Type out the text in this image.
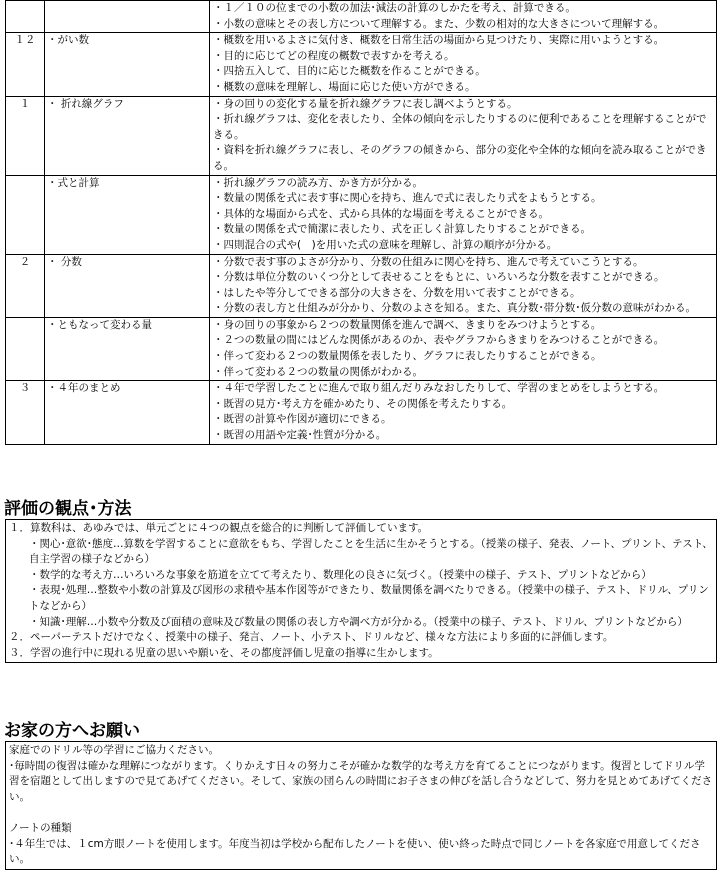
		・１／１０の位までの小数の加法･減法の計算のしかたを考え、計算できる。
・小数の意味とその表し方について理解する。また、少数の相対的な大きさについて理解する。

１２	・がい数	・概数を用いるよさに気付き、概数を日常生活の場面から見つけたり、実際に用いようとする。
・目的に応じてどの程度の概数で表すかを考える。
・四捨五入して、目的に応じた概数を作ることができる。
・概数の意味を理解し、場面に応じた使い方ができる。

１	・ 折れ線グラフ	・身の回りの変化する量を折れ線グラフに表し調べようとする。
・折れ線グラフは、変化を表したり、全体の傾向を示したりするのに便利であることを理解することができる。
・資料を折れ線グラフに表し、そのグラフの傾きから、部分の変化や全体的な傾向を読み取ることができる。

	・式と計算	・折れ線グラフの読み方、かき方が分かる。
・数量の関係を式に表す事に関心を持ち、進んで式に表したり式をよもうとする。
・具体的な場面から式を、式から具体的な場面を考えることができる。
・数量の関係を式で簡潔に表したり、式を正しく計算したりすることができる。
・四則混合の式や(　)を用いた式の意味を理解し、計算の順序が分かる。

２	・ 分数	・分数で表す事のよさが分かり、分数の仕組みに関心を持ち、進んで考えていこうとする。
・分数は単位分数のいくつ分として表せることをもとに、いろいろな分数を表すことができる。
・はしたや等分してできる部分の大きさを、分数を用いて表すことができる。
・分数の表し方と仕組みが分かり、分数のよさを知る。また、真分数･帯分数･仮分数の意味がわかる。

	・ともなって変わる量	・身の回りの事象から２つの数量関係を進んで調べ、きまりをみつけようとする。
・２つの数量の間にはどんな関係があるのか、表やグラフからきまりをみつけることができる。
・伴って変わる２つの数量関係を表したり、グラフに表したりすることができる。
・伴って変わる２つの数量の関係がわかる。

３	・４年のまとめ	・４年で学習したことに進んで取り組んだりみなおしたりして、学習のまとめをしようとする。
・既習の見方･考え方を確かめたり、その関係を考えたりする。
・既習の計算や作図が適切にできる。
・既習の用語や定義･性質が分かる。
評価の観点･方法
１．算数科は、あゆみでは、単元ごとに４つの観点を総合的に判断して評価しています。
・関心･意欲･態度…算数を学習することに意欲をもち、学習したことを生活に生かそうとする。（授業の様子、発表、ノート、プリント、テスト、自主学習の様子などから）
・数学的な考え方…いろいろな事象を筋道を立てて考えたり、数理化の良さに気づく。（授業中の様子、テスト、プリントなどから）
・表現･処理…整数や小数の計算及び図形の求積や基本作図等ができたり、数量関係を調べたりできる。（授業中の様子、テスト、ドリル、プリントなどから）
・知識･理解…小数や分数及び面積の意味及び数量の関係の表し方や調べ方が分かる。（授業中の様子、テスト、ドリル、プリントなどから）
２．ペーパーテストだけでなく、授業中の様子、発言、ノート、小テスト、ドリルなど、様々な方法により多面的に評価します。
３．学習の進行中に現れる児童の思いや願いを、その都度評価し児童の指導に生かします。
お家の方へお願い
家庭でのドリル等の学習にご協力ください。
･毎時間の復習は確かな理解につながります。くりかえす日々の努力こそが確かな数学的な考え方を育てることにつながります。復習としてドリル学習を宿題として出しますので見てあげてください。そして、家族の団らんの時間にお子さまの伸びを話し合うなどして、努力を見とめてあげてください。
ノートの種類
･４年生では、１cm方眼ノートを使用します。年度当初は学校から配布したノートを使い、使い終った時点で同じノートを各家庭で用意してください。
